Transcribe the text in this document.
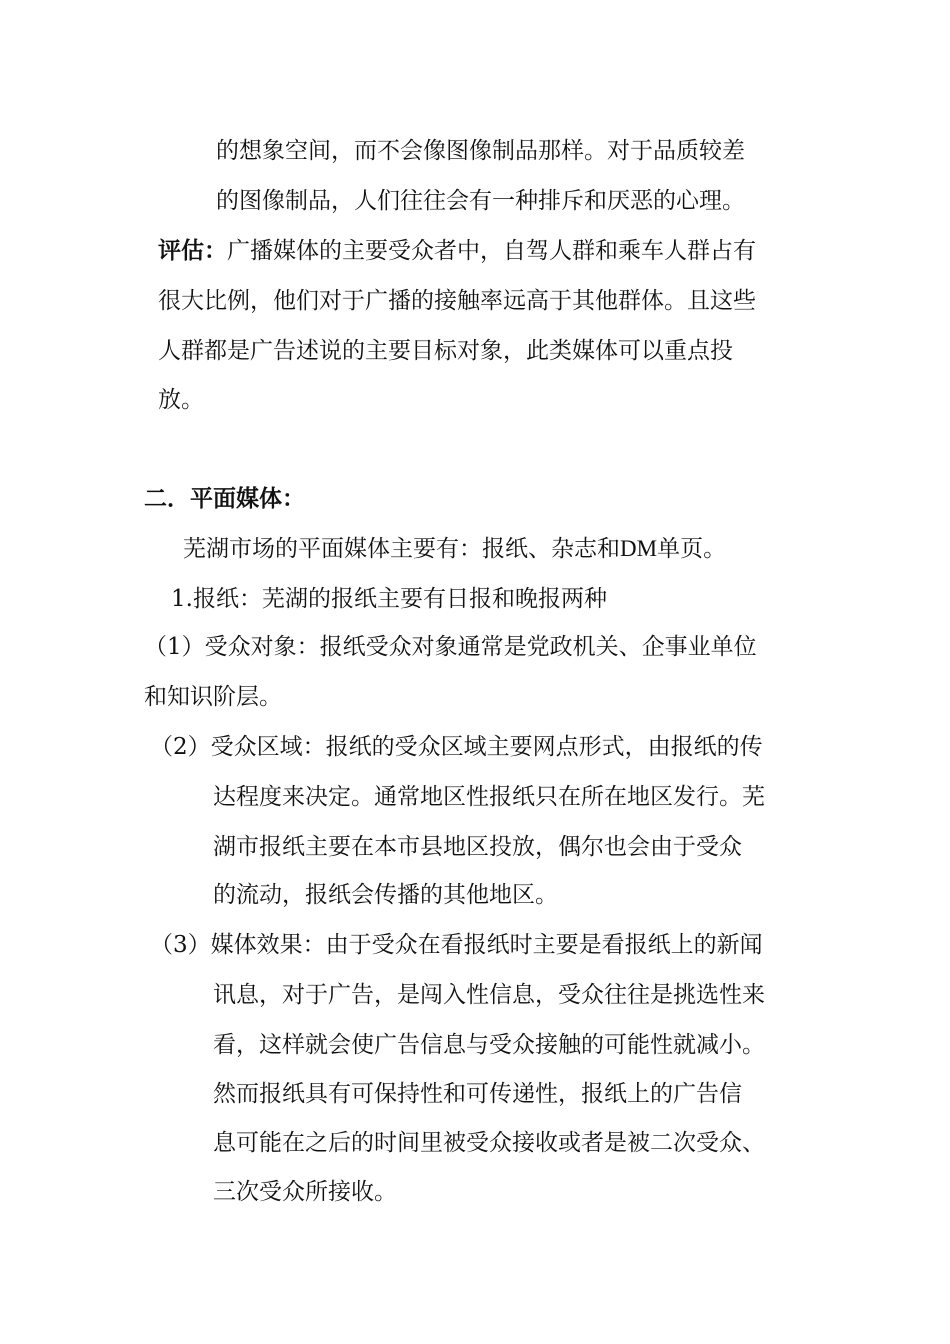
的想象空间，而不会像图像制品那样。对于品质较差
的图像制品，人们往往会有一种排斥和厌恶的心理。
评估：广播媒体的主要受众者中，自驾人群和乘车人群占有
很大比例，他们对于广播的接触率远高于其他群体。且这些
人群都是广告述说的主要目标对象，此类媒体可以重点投
放。
二．平面媒体：
芜湖市场的平面媒体主要有：报纸、杂志和DM单页。
1.报纸：芜湖的报纸主要有日报和晚报两种
（1）受众对象：报纸受众对象通常是党政机关、企事业单位
和知识阶层。
（2）受众区域：报纸的受众区域主要网点形式，由报纸的传
达程度来决定。通常地区性报纸只在所在地区发行。芜
湖市报纸主要在本市县地区投放，偶尔也会由于受众
的流动，报纸会传播的其他地区。
（3）媒体效果：由于受众在看报纸时主要是看报纸上的新闻
讯息，对于广告，是闯入性信息，受众往往是挑选性来
看，这样就会使广告信息与受众接触的可能性就减小。
然而报纸具有可保持性和可传递性，报纸上的广告信
息可能在之后的时间里被受众接收或者是被二次受众、
三次受众所接收。
